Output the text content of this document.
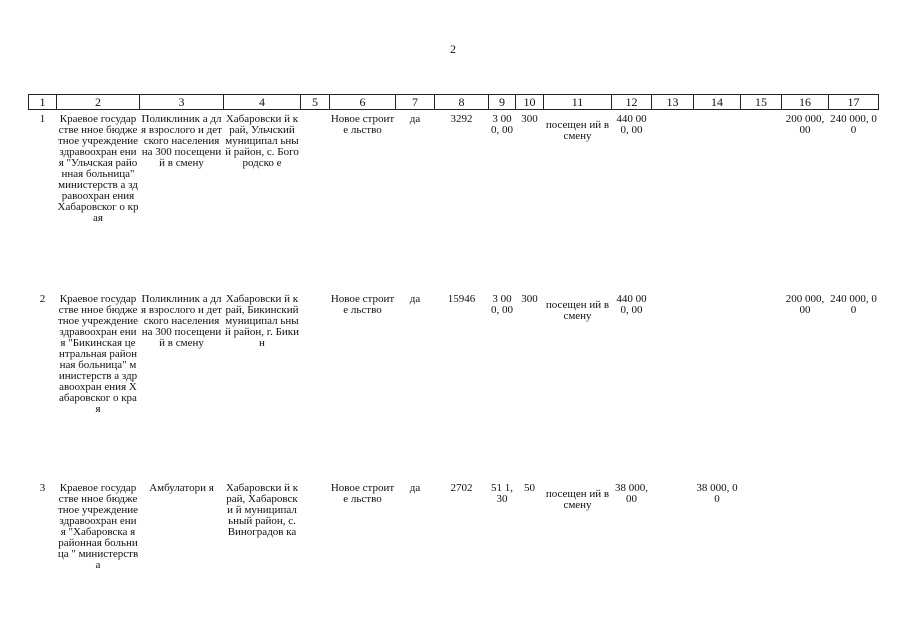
2
1	2	3	4	5	6	7	8	9	10	11	12	13	14	15	16	17
1	Краевое государстве нное бюджетное учреждение здравоохран ения "Ульчская районная больница" министерств а здравоохран ения Хабаровског о края	Поликлиник а для взрослого и детского населения на 300 посещений в смену	Хабаровски й край, Ульчский муниципал ьный район, с. Богородско е		Новое строите льство	да	3292	3 00 0, 00	300	посещен ий в смену	440 000, 00				200 000, 00	240 000, 00
2	Краевое государстве нное бюджетное учреждение здравоохран ения "Бикинская центральная районная больница" министерств а здравоохран ения Хабаровског о края	Поликлиник а для взрослого и детского населения на 300 посещений в смену	Хабаровски й край, Бикинский муниципал ьный район, г. Бикин		Новое строите льство	да	15946	3 00 0, 00	300	посещен ий в смену	440 000, 00				200 000, 00	240 000, 00
3	Краевое государстве нное бюджетное учреждение здравоохран ения "Хабаровска я районная больница " министерств а	Амбулатори я	Хабаровски й край, Хабаровски й муниципал ьный район, с. Виноградов ка		Новое строите льство	да	2702	51 1, 30	50	посещен ий в смену	38 000, 00		38 000, 00			
